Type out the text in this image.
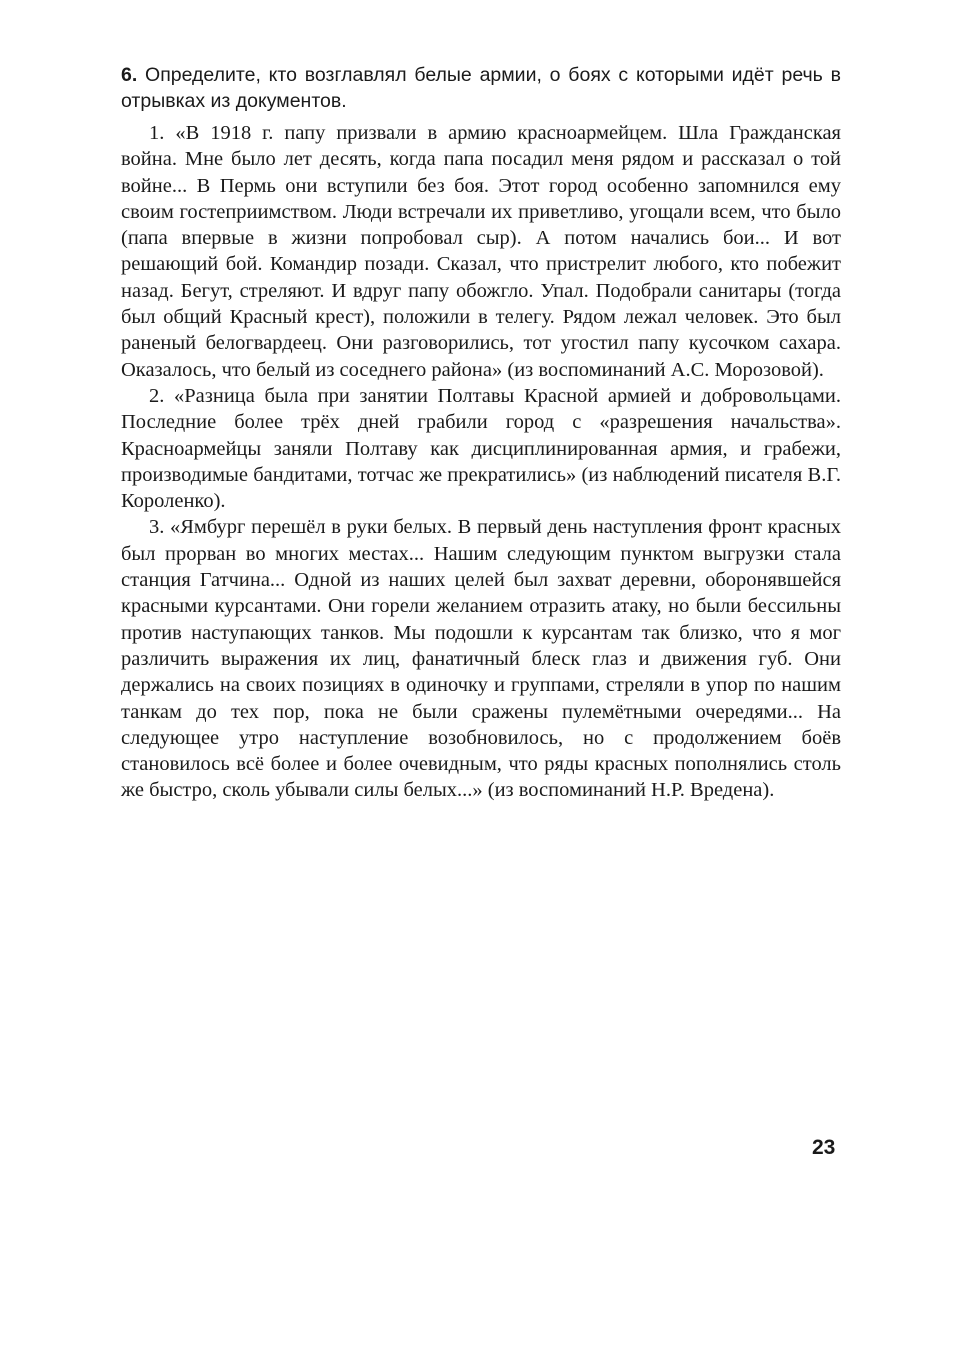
6. Определите, кто возглавлял белые армии, о боях с которыми идёт речь в отрывках из документов.

1. «В 1918 г. папу призвали в армию красноармейцем. Шла Гражданская война. Мне было лет десять, когда папа посадил меня рядом и рассказал о той войне... В Пермь они вступили без боя. Этот город особенно запомнился ему своим гостеприимством. Люди встречали их приветливо, угощали всем, что было (папа впервые в жизни попробовал сыр). А потом начались бои... И вот решающий бой. Командир позади. Сказал, что пристрелит любого, кто побежит назад. Бегут, стреляют. И вдруг папу обожгло. Упал. Подобрали санитары (тогда был общий Красный крест), положили в телегу. Рядом лежал человек. Это был раненый белогвардеец. Они разговорились, тот угостил папу кусочком сахара. Оказалось, что белый из соседнего района» (из воспоминаний А.С. Морозовой).

2. «Разница была при занятии Полтавы Красной армией и добровольцами. Последние более трёх дней грабили город с «разрешения начальства». Красноармейцы заняли Полтаву как дисциплинированная армия, и грабежи, производимые бандитами, тотчас же прекратились» (из наблюдений писателя В.Г. Короленко).

3. «Ямбург перешёл в руки белых. В первый день наступления фронт красных был прорван во многих местах... Нашим следующим пунктом выгрузки стала станция Гатчина... Одной из наших целей был захват деревни, оборонявшейся красными курсантами. Они горели желанием отразить атаку, но были бессильны против наступающих танков. Мы подошли к курсантам так близко, что я мог различить выражения их лиц, фанатичный блеск глаз и движения губ. Они держались на своих позициях в одиночку и группами, стреляли в упор по нашим танкам до тех пор, пока не были сражены пулемётными очередями... На следующее утро наступление возобновилось, но с продолжением боёв становилось всё более и более очевидным, что ряды красных пополнялись столь же быстро, сколь убывали силы белых...» (из воспоминаний Н.Р. Вредена).

23
